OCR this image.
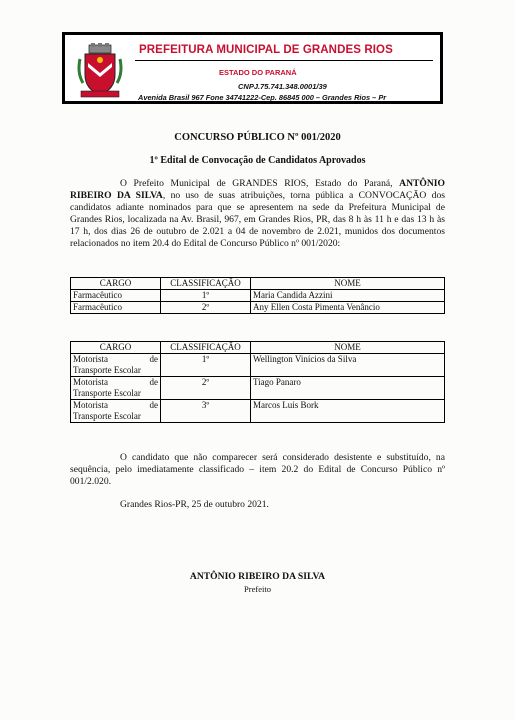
PREFEITURA MUNICIPAL DE GRANDES RIOS
ESTADO DO PARANÁ
CNPJ.75.741.348.0001/39
Avenida Brasil 967 Fone 34741222-Cep. 86845 000 – Grandes Rios – Pr
CONCURSO PÚBLICO Nº 001/2020
1º Edital de Convocação de Candidatos Aprovados
O Prefeito Municipal de GRANDES RIOS, Estado do Paraná, ANTÔNIO RIBEIRO DA SILVA, no uso de suas atribuições, torna pública a CONVOCAÇÃO dos candidatos adiante nominados para que se apresentem na sede da Prefeitura Municipal de Grandes Rios, localizada na Av. Brasil, 967, em Grandes Rios, PR, das 8 h às 11 h e das 13 h às 17 h, dos dias 26 de outubro de 2.021 a 04 de novembro de 2.021, munidos dos documentos relacionados no item 20.4 do Edital de Concurso Público nº 001/2020:
CARGO	CLASSIFICAÇÃO	NOME
Farmacêutico	1º	Maria Candida Azzini
Farmacêutico	2º	Any Ellen Costa Pimenta Venâncio
CARGO	CLASSIFICAÇÃO	NOME

Motorista de
Transporte Escolar	1º	Wellington Vinícios da Silva

Motorista de
Transporte Escolar	2º	Tiago Panaro

Motorista de
Transporte Escolar	3º	Marcos Luis Bork
O candidato que não comparecer será considerado desistente e substituído, na sequência, pelo imediatamente classificado – item 20.2 do Edital de Concurso Público nº 001/2.020.
Grandes Rios-PR, 25 de outubro 2021.
ANTÔNIO RIBEIRO DA SILVA
Prefeito
